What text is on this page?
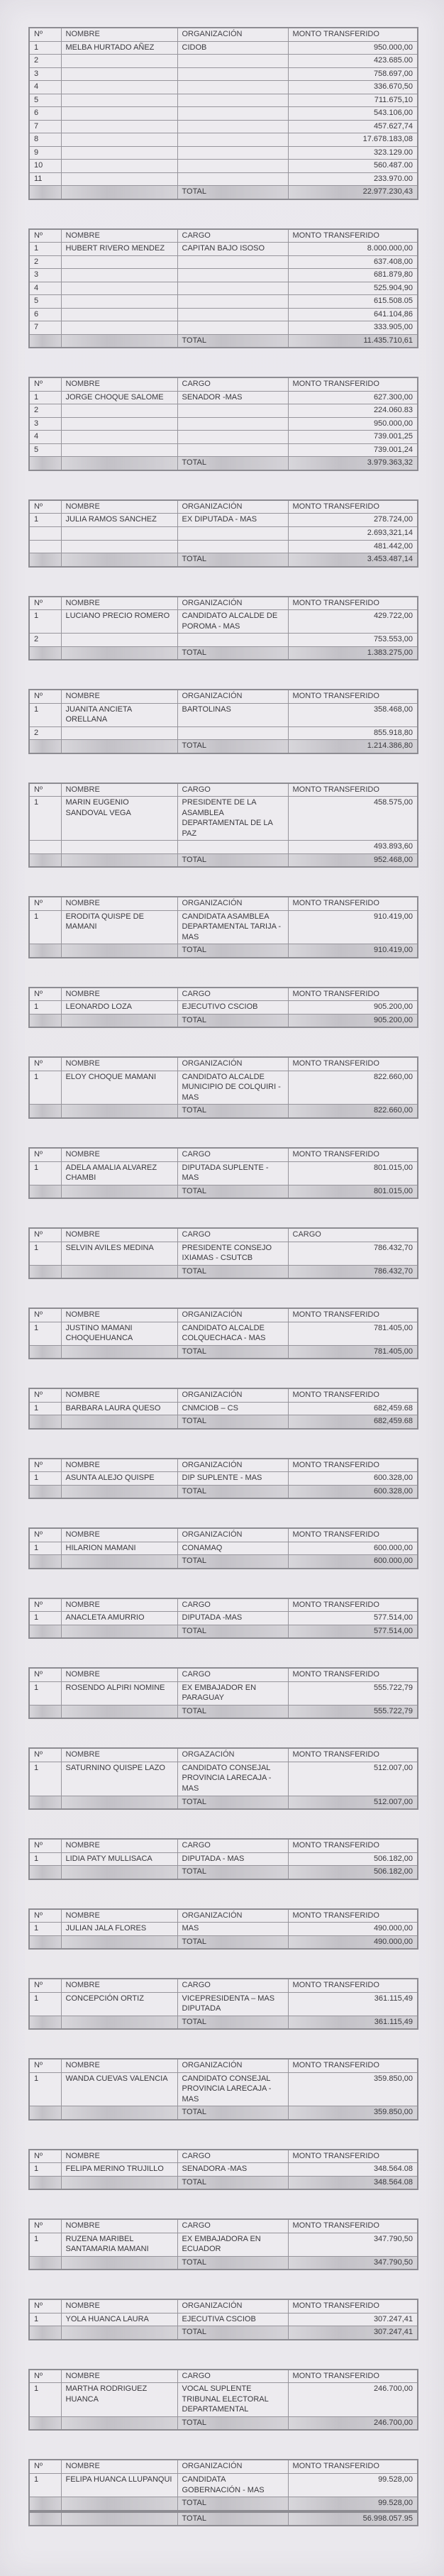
Nº	NOMBRE	ORGANIZACIÓN	MONTO TRANSFERIDO
1	MELBA HURTADO AÑEZ	CIDOB	950.000,00
2			423.685.00
3			758.697,00
4			336.670,50
5			711.675,10
6			543.106,00
7			457.627,74
8			17.678.183,08
9			323.129.00
10			560.487.00
11			233.970.00
		TOTAL	22.977.230,43
Nº	NOMBRE	CARGO	MONTO TRANSFERIDO
1	HUBERT RIVERO MENDEZ	CAPITAN BAJO ISOSO	8.000.000,00
2			637.408,00
3			681.879,80
4			525.904,90
5			615.508.05
6			641.104,86
7			333.905,00
		TOTAL	11.435.710,61
Nº	NOMBRE	CARGO	MONTO TRANSFERIDO
1	JORGE CHOQUE SALOME	SENADOR -MAS	627.300,00
2			224.060.83
3			950.000,00
4			739.001,25
5			739.001,24
		TOTAL	3.979.363,32
Nº	NOMBRE	ORGANIZACIÓN	MONTO TRANSFERIDO
1	JULIA RAMOS SANCHEZ	EX DIPUTADA - MAS	278.724,00
			2.693,321,14
			481.442,00
		TOTAL	3.453.487,14
Nº	NOMBRE	ORGANIZACIÓN	MONTO TRANSFERIDO
1	LUCIANO PRECIO ROMERO	CANDIDATO ALCALDE DE POROMA - MAS	429.722,00
2			753.553,00
		TOTAL	1.383.275,00
Nº	NOMBRE	ORGANIZACIÓN	MONTO TRANSFERIDO
1	JUANITA ANCIETA ORELLANA	BARTOLINAS	358.468,00
2			855.918,80
		TOTAL	1.214.386,80
Nº	NOMBRE	CARGO	MONTO TRANSFERIDO
1	MARIN EUGENIO SANDOVAL VEGA	PRESIDENTE DE LA ASAMBLEA DEPARTAMENTAL DE LA PAZ	458.575,00
			493.893,60
		TOTAL	952.468,00
Nº	NOMBRE	ORGANIZACIÓN	MONTO TRANSFERIDO
1	ERODITA QUISPE DE MAMANI	CANDIDATA ASAMBLEA DEPARTAMENTAL TARIJA - MAS	910.419,00
		TOTAL	910.419,00
Nº	NOMBRE	CARGO	MONTO TRANSFERIDO
1	LEONARDO LOZA	EJECUTIVO CSCIOB	905.200,00
		TOTAL	905.200,00
Nº	NOMBRE	ORGANIZACIÓN	MONTO TRANSFERIDO
1	ELOY CHOQUE MAMANI	CANDIDATO ALCALDE MUNICIPIO DE COLQUIRI - MAS	822.660,00
		TOTAL	822.660,00
Nº	NOMBRE	CARGO	MONTO TRANSFERIDO
1	ADELA AMALIA ALVAREZ CHAMBI	DIPUTADA SUPLENTE - MAS	801.015,00
		TOTAL	801.015,00
Nº	NOMBRE	CARGO	CARGO
1	SELVIN AVILES MEDINA	PRESIDENTE CONSEJO IXIAMAS - CSUTCB	786.432,70
		TOTAL	786.432,70
Nº	NOMBRE	ORGANIZACIÓN	MONTO TRANSFERIDO
1	JUSTINO MAMANI CHOQUEHUANCA	CANDIDATO ALCALDE COLQUECHACA - MAS	781.405,00
		TOTAL	781.405,00
Nº	NOMBRE	ORGANIZACIÓN	MONTO TRANSFERIDO
1	BARBARA LAURA QUESO	CNMCIOB – CS	682,459.68
		TOTAL	682,459.68
Nº	NOMBRE	ORGANIZACIÓN	MONTO TRANSFERIDO
1	ASUNTA ALEJO QUISPE	DIP SUPLENTE - MAS	600.328,00
		TOTAL	600.328,00
Nº	NOMBRE	ORGANIZACIÓN	MONTO TRANSFERIDO
1	HILARION MAMANI	CONAMAQ	600.000,00
		TOTAL	600.000,00
Nº	NOMBRE	CARGO	MONTO TRANSFERIDO
1	ANACLETA AMURRIO	DIPUTADA -MAS	577.514,00
		TOTAL	577.514,00
Nº	NOMBRE	CARGO	MONTO TRANSFERIDO
1	ROSENDO ALPIRI NOMINE	EX EMBAJADOR EN PARAGUAY	555.722,79
		TOTAL	555.722,79
Nº	NOMBRE	ORGAZACIÓN	MONTO TRANSFERIDO
1	SATURNINO QUISPE LAZO	CANDIDATO CONSEJAL PROVINCIA LARECAJA - MAS	512.007,00
		TOTAL	512.007,00
Nº	NOMBRE	CARGO	MONTO TRANSFERIDO
1	LIDIA PATY MULLISACA	DIPUTADA - MAS	506.182,00
		TOTAL	506.182,00
Nº	NOMBRE	ORGANIZACIÓN	MONTO TRANSFERIDO
1	JULIAN JALA FLORES	MAS	490.000,00
		TOTAL	490.000,00
Nº	NOMBRE	CARGO	MONTO TRANSFERIDO
1	CONCEPCIÓN ORTIZ	VICEPRESIDENTA – MAS DIPUTADA	361.115,49
		TOTAL	361.115,49
Nº	NOMBRE	ORGANIZACIÓN	MONTO TRANSFERIDO
1	WANDA CUEVAS VALENCIA	CANDIDATO CONSEJAL PROVINCIA LARECAJA - MAS	359.850,00
		TOTAL	359.850,00
Nº	NOMBRE	CARGO	MONTO TRANSFERIDO
1	FELIPA MERINO TRUJILLO	SENADORA -MAS	348.564.08
		TOTAL	348.564.08
Nº	NOMBRE	CARGO	MONTO TRANSFERIDO
1	RUZENA MARIBEL SANTAMARIA MAMANI	EX EMBAJADORA EN ECUADOR	347.790,50
		TOTAL	347.790,50
Nº	NOMBRE	ORGANIZACIÓN	MONTO TRANSFERIDO
1	YOLA HUANCA LAURA	EJECUTIVA CSCIOB	307.247,41
		TOTAL	307.247,41
Nº	NOMBRE	CARGO	MONTO TRANSFERIDO
1	MARTHA RODRIGUEZ HUANCA	VOCAL SUPLENTE TRIBUNAL ELECTORAL DEPARTAMENTAL	246.700,00
		TOTAL	246.700,00
Nº	NOMBRE	ORGANIZACIÓN	MONTO TRANSFERIDO
1	FELIPA HUANCA LLUPANQUI	CANDIDATA GOBERNACIÓN - MAS	99.528,00
		TOTAL	99.528,00
		TOTAL	56.998.057.95
